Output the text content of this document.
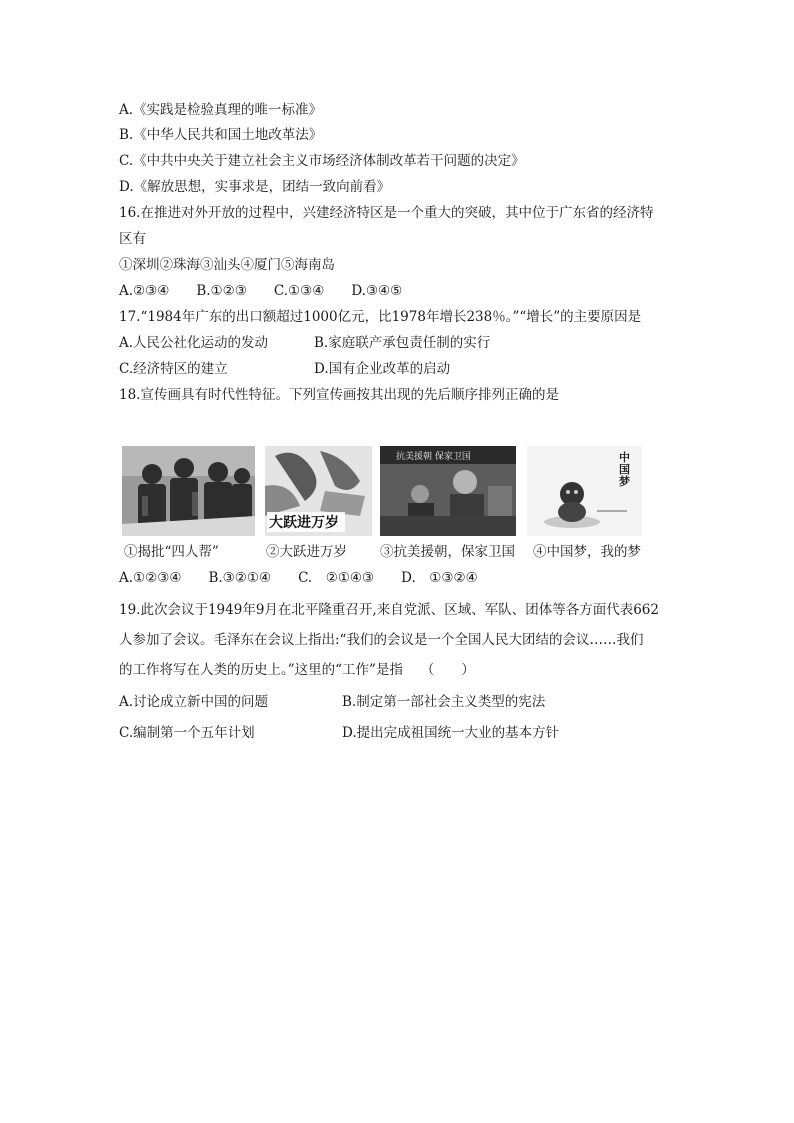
A.《实践是检验真理的唯一标准》
B.《中华人民共和国土地改革法》
C.《中共中央关于建立社会主义市场经济体制改革若干问题的决定》
D.《解放思想，实事求是，团结一致向前看》
16.在推进对外开放的过程中，兴建经济特区是一个重大的突破，其中位于广东省的经济特
区有
①深圳②珠海③汕头④厦门⑤海南岛
A.②③④　　B.①②③　　C.①③④　　D.③④⑤
17.“1984年广东的出口额超过1000亿元，比1978年增长238％。”“增长”的主要原因是
A.人民公社化运动的发动	B.家庭联产承包责任制的实行
C.经济特区的建立	D.国有企业改革的启动
18.宣传画具有时代性特征。下列宣传画按其出现的先后顺序排列正确的是
大跃进万岁
抗美援朝 保家卫国	中国梦
①揭批“四人帮”	②大跃进万岁 ③抗美援朝，保家卫国 ④中国梦，我的梦
A.①②③④　　B.③②①④　　C.　②①④③　　D.　①③②④
19.此次会议于1949年9月在北平隆重召开,来自党派、区域、军队、团体等各方面代表662
人参加了会议。毛泽东在会议上指出:“我们的会议是一个全国人民大团结的会议……我们
的工作将写在人类的历史上。”这里的“工作”是指　 （　　）
A.讨论成立新中国的问题	B.制定第一部社会主义类型的宪法
C.编制第一个五年计划	D.提出完成祖国统一大业的基本方针
